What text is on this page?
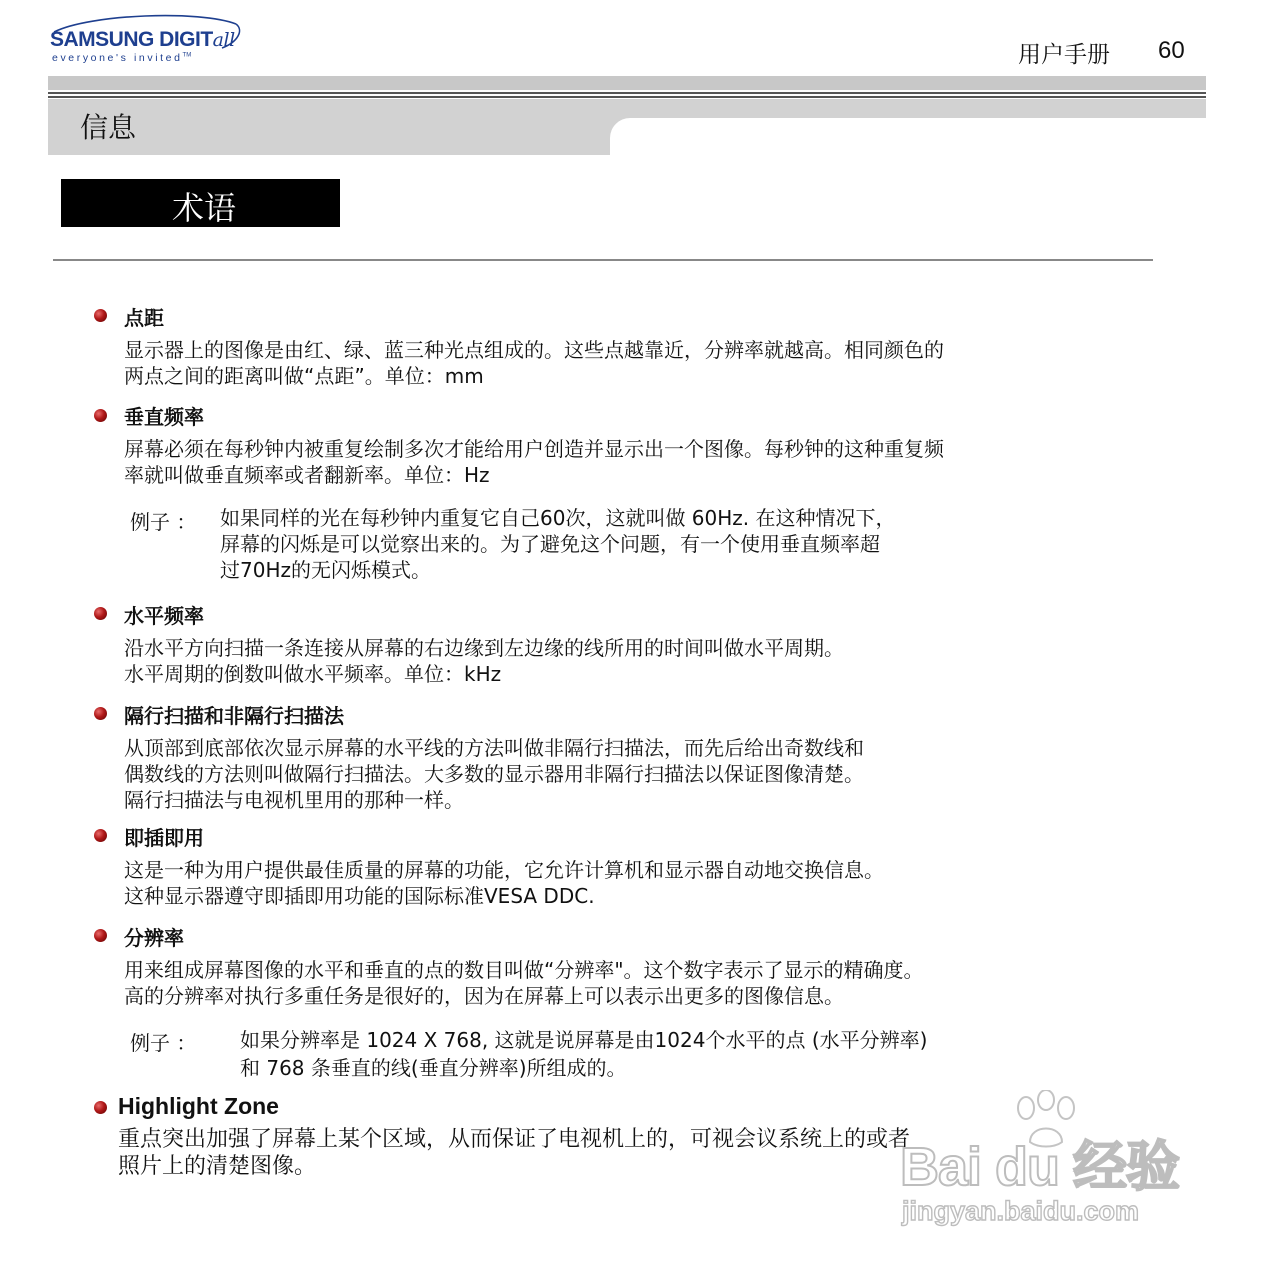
SAMSUNG DIGITall
everyone's invited™	用户手册 60
信息
术语
点距
显示器上的图像是由红、绿、蓝三种光点组成的。这些点越靠近，分辨率就越高。相同颜色的
两点之间的距离叫做“点距”。单位：mm
垂直频率
屏幕必须在每秒钟内被重复绘制多次才能给用户创造并显示出一个图像。每秒钟的这种重复频
率就叫做垂直频率或者翻新率。单位：Hz
例子 ： 如果同样的光在每秒钟内重复它自己60次，这就叫做 60Hz. 在这种情况下，
屏幕的闪烁是可以觉察出来的。为了避免这个问题，有一个使用垂直频率超
过70Hz的无闪烁模式。
水平频率
沿水平方向扫描一条连接从屏幕的右边缘到左边缘的线所用的时间叫做水平周期。
水平周期的倒数叫做水平频率。单位：kHz
隔行扫描和非隔行扫描法
从顶部到底部依次显示屏幕的水平线的方法叫做非隔行扫描法，而先后给出奇数线和
偶数线的方法则叫做隔行扫描法。大多数的显示器用非隔行扫描法以保证图像清楚。
隔行扫描法与电视机里用的那种一样。
即插即用
这是一种为用户提供最佳质量的屏幕的功能，它允许计算机和显示器自动地交换信息。
这种显示器遵守即插即用功能的国际标准VESA DDC.
分辨率
用来组成屏幕图像的水平和垂直的点的数目叫做“分辨率"。这个数字表示了显示的精确度。
高的分辨率对执行多重任务是很好的，因为在屏幕上可以表示出更多的图像信息。
例子 ： 如果分辨率是 1024 X 768, 这就是说屏幕是由1024个水平的点 (水平分辨率)
和 768 条垂直的线(垂直分辨率)所组成的。
Highlight Zone
重点突出加强了屏幕上某个区域，从而保证了电视机上的，可视会议系统上的或者
照片上的清楚图像。	Bai du 经验
jingyan.baidu.com
